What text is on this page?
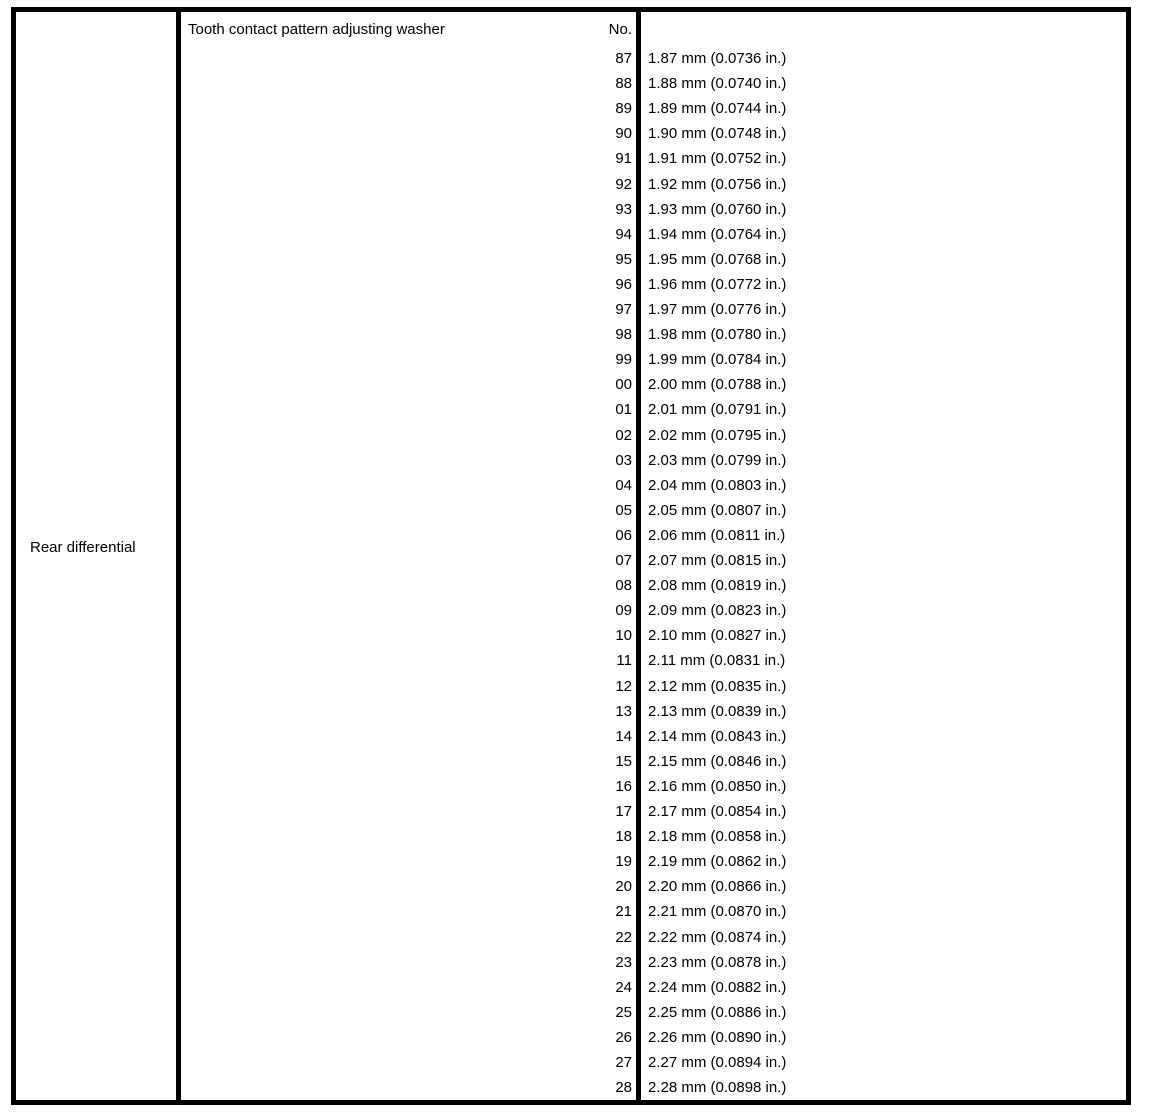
Rear differential
Tooth contact pattern adjusting washer	No.
87 1.87 mm (0.0736 in.)
88 1.88 mm (0.0740 in.)
89 1.89 mm (0.0744 in.)
90 1.90 mm (0.0748 in.)
91 1.91 mm (0.0752 in.)
92 1.92 mm (0.0756 in.)
93 1.93 mm (0.0760 in.)
94 1.94 mm (0.0764 in.)
95 1.95 mm (0.0768 in.)
96 1.96 mm (0.0772 in.)
97 1.97 mm (0.0776 in.)
98 1.98 mm (0.0780 in.)
99 1.99 mm (0.0784 in.)
00 2.00 mm (0.0788 in.)
01 2.01 mm (0.0791 in.)
02 2.02 mm (0.0795 in.)
03 2.03 mm (0.0799 in.)
04 2.04 mm (0.0803 in.)
05 2.05 mm (0.0807 in.)
06 2.06 mm (0.0811 in.)
07 2.07 mm (0.0815 in.)
08 2.08 mm (0.0819 in.)
09 2.09 mm (0.0823 in.)
10 2.10 mm (0.0827 in.)
11 2.11 mm (0.0831 in.)
12 2.12 mm (0.0835 in.)
13 2.13 mm (0.0839 in.)
14 2.14 mm (0.0843 in.)
15 2.15 mm (0.0846 in.)
16 2.16 mm (0.0850 in.)
17 2.17 mm (0.0854 in.)
18 2.18 mm (0.0858 in.)
19 2.19 mm (0.0862 in.)
20 2.20 mm (0.0866 in.)
21 2.21 mm (0.0870 in.)
22 2.22 mm (0.0874 in.)
23 2.23 mm (0.0878 in.)
24 2.24 mm (0.0882 in.)
25 2.25 mm (0.0886 in.)
26 2.26 mm (0.0890 in.)
27 2.27 mm (0.0894 in.)
28 2.28 mm (0.0898 in.)
